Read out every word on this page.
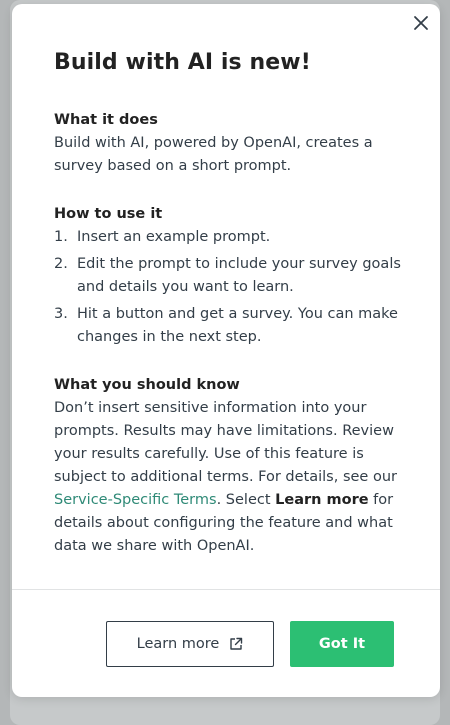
Build with AI is new!
What it does

Build with AI, powered by OpenAI, creates a survey based on a short prompt.

How to use it
1. Insert an example prompt.
2. Edit the prompt to include your survey goals and details you want to learn.
3. Hit a button and get a survey. You can make changes in the next step.
What you should know

Don’t insert sensitive information into your prompts. Results may have limitations. Review your results carefully. Use of this feature is subject to additional terms. For details, see our Service-Specific Terms. Select Learn more for details about configuring the feature and what data we share with OpenAI.

Learn more	Got It
